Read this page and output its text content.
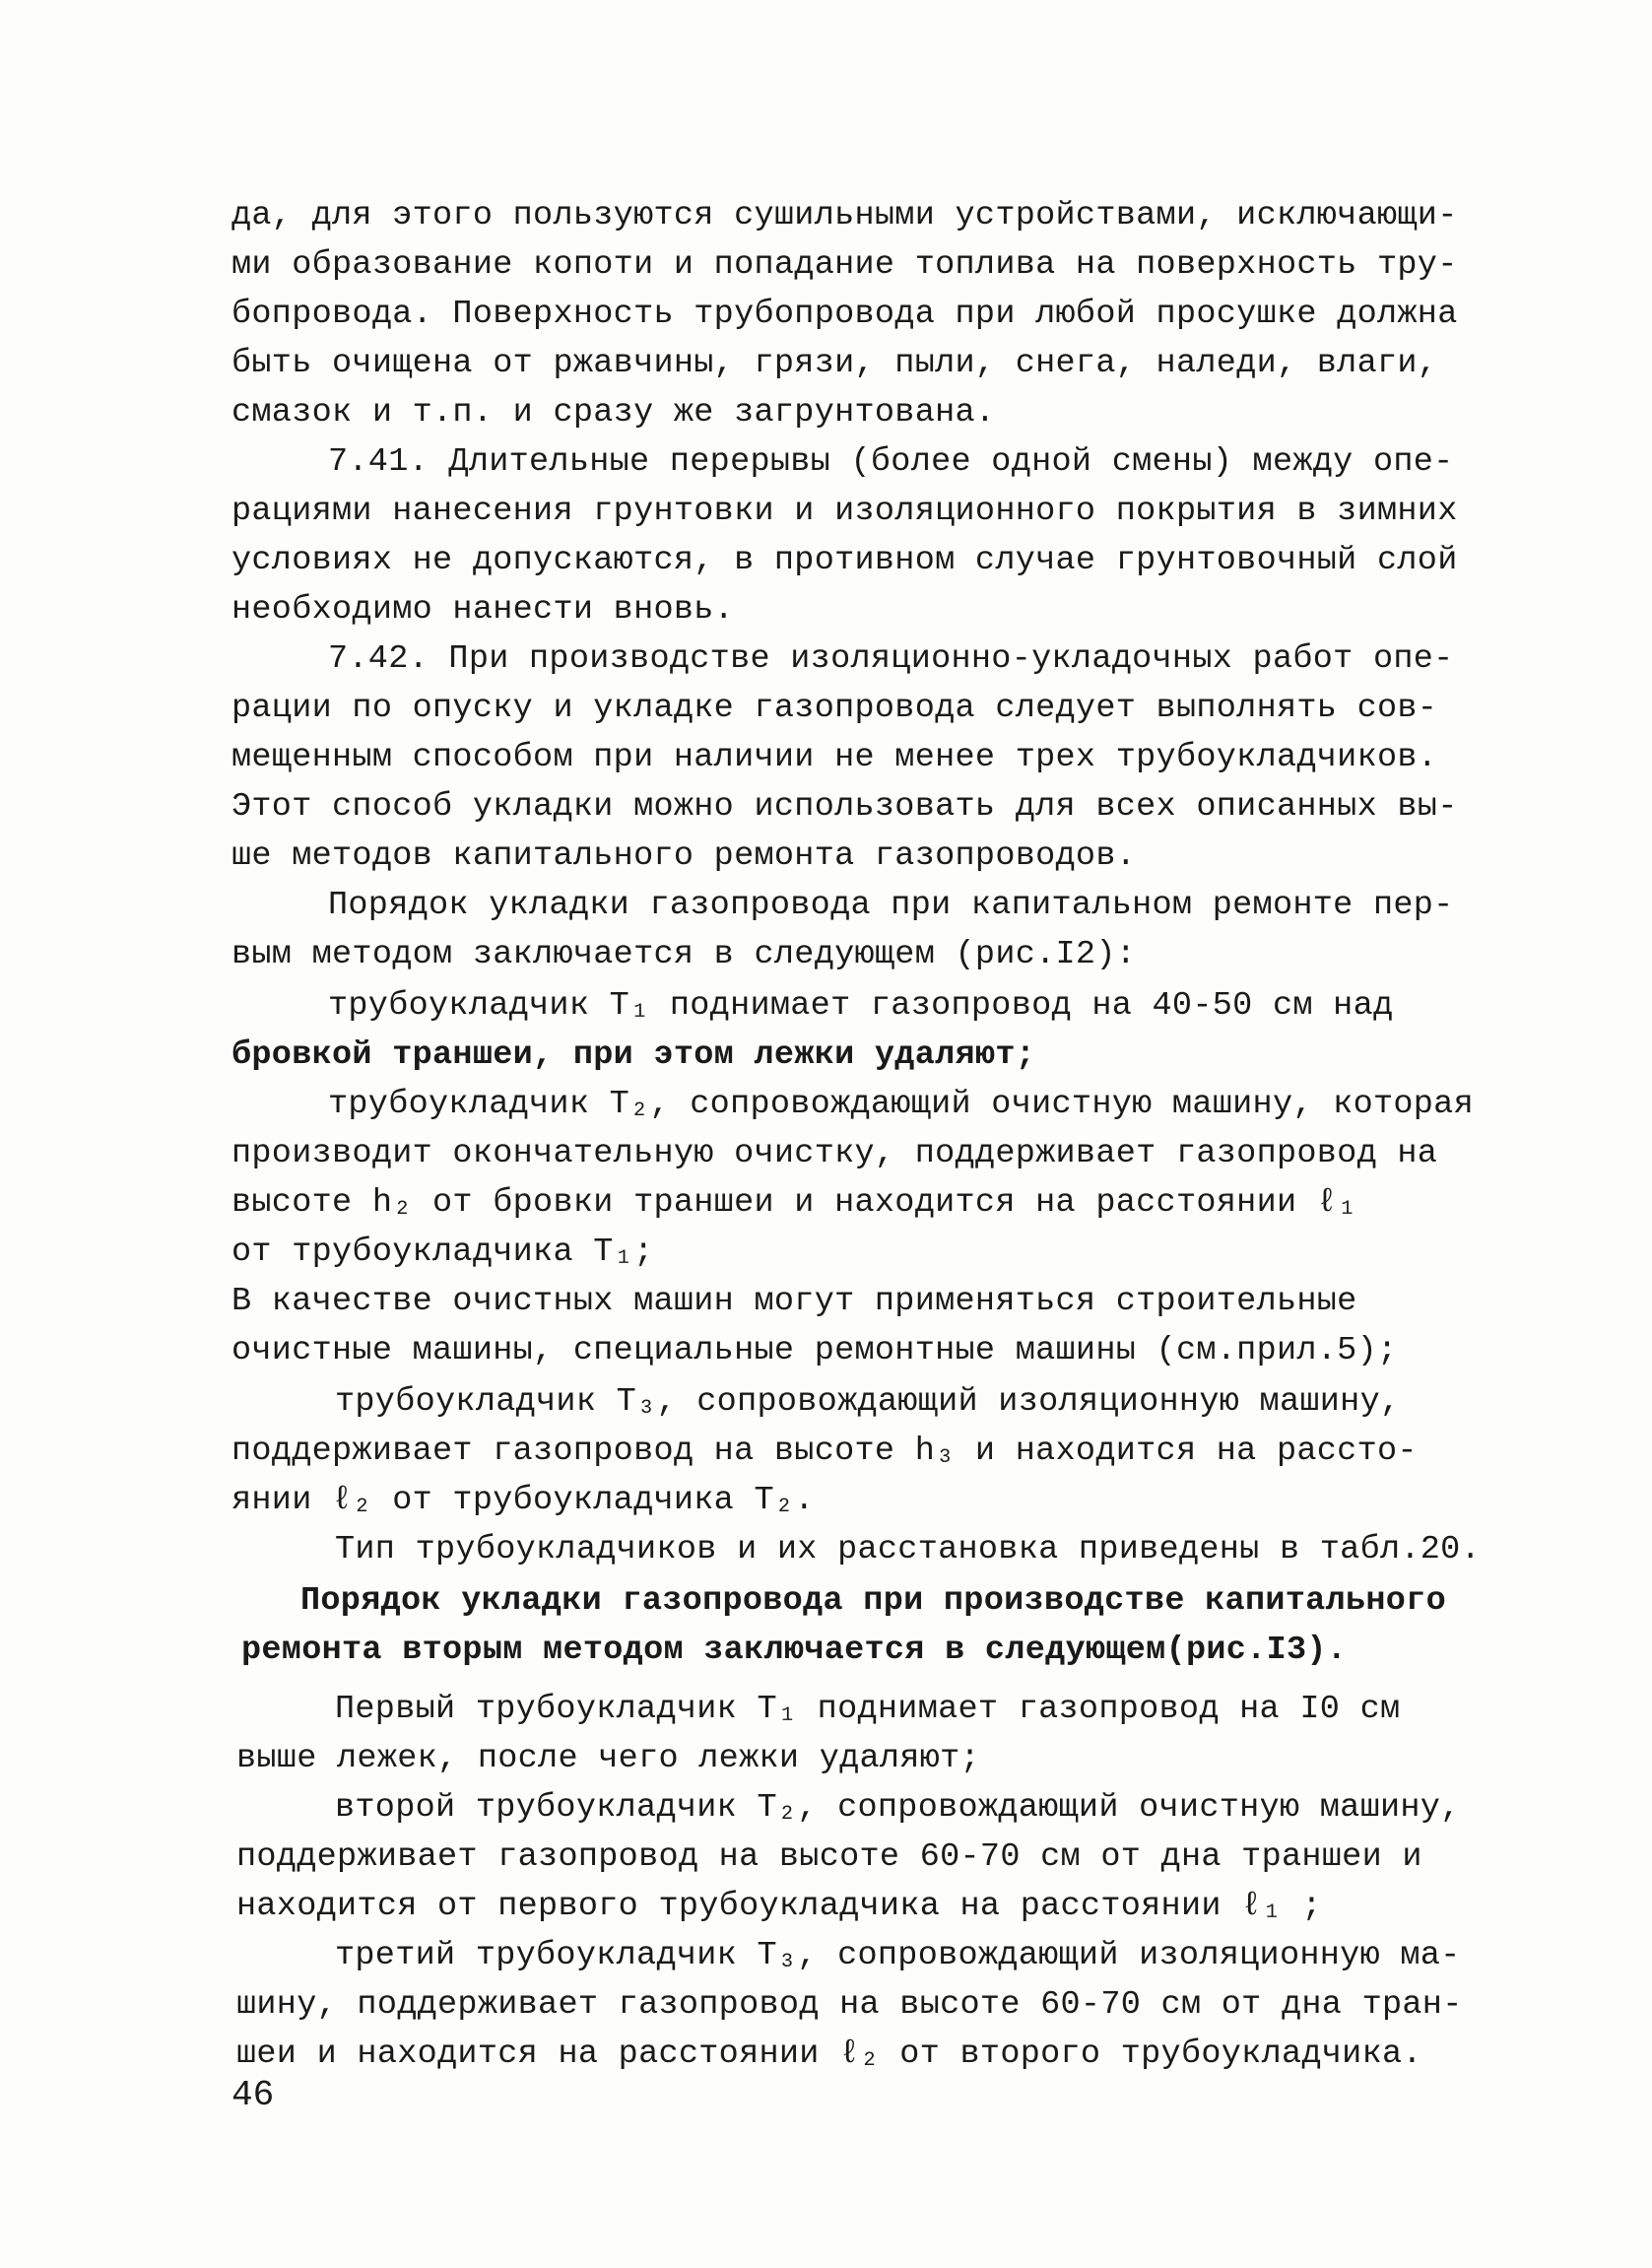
да, для этого пользуются сушильными устройствами, исключающи-
ми образование копоти и попадание топлива на поверхность тру-
бопровода. Поверхность трубопровода при любой просушке должна
быть очищена от ржавчины, грязи, пыли, снега, наледи, влаги,
смазок и т.п. и сразу же загрунтована.
7.41. Длительные перерывы (более одной смены) между опе-
рациями нанесения грунтовки и изоляционного покрытия в зимних
условиях не допускаются, в противном случае грунтовочный слой
необходимо нанести вновь.
7.42. При производстве изоляционно-укладочных работ опе-
рации по опуску и укладке газопровода следует выполнять сов-
мещенным способом при наличии не менее трех трубоукладчиков.
Этот способ укладки можно использовать для всех описанных вы-
ше методов капитального ремонта газопроводов.
Порядок укладки газопровода при капитальном ремонте пер-
вым методом заключается в следующем (рис.I2):
трубоукладчик Т₁ поднимает газопровод на 40-50 см над
бровкой траншеи, при этом лежки удаляют;
трубоукладчик Т₂, сопровождающий очистную машину, которая
производит окончательную очистку, поддерживает газопровод на
высоте h₂ от бровки траншеи и находится на расстоянии ℓ₁
от трубоукладчика Т₁;
В качестве очистных машин могут применяться строительные
очистные машины, специальные ремонтные машины (см.прил.5);
трубоукладчик Т₃, сопровождающий изоляционную машину,
поддерживает газопровод на высоте h₃ и находится на рассто-
янии ℓ₂ от трубоукладчика Т₂.
Тип трубоукладчиков и их расстановка приведены в табл.20.
Порядок укладки газопровода при производстве капитального
ремонта вторым методом заключается в следующем(рис.I3).
Первый трубоукладчик Т₁ поднимает газопровод на I0 см
выше лежек, после чего лежки удаляют;
второй трубоукладчик Т₂, сопровождающий очистную машину,
поддерживает газопровод на высоте 60-70 см от дна траншеи и
находится от первого трубоукладчика на расстоянии ℓ₁ ;
третий трубоукладчик Т₃, сопровождающий изоляционную ма-
шину, поддерживает газопровод на высоте 60-70 см от дна тран-
шеи и находится на расстоянии ℓ₂ от второго трубоукладчика.
46
